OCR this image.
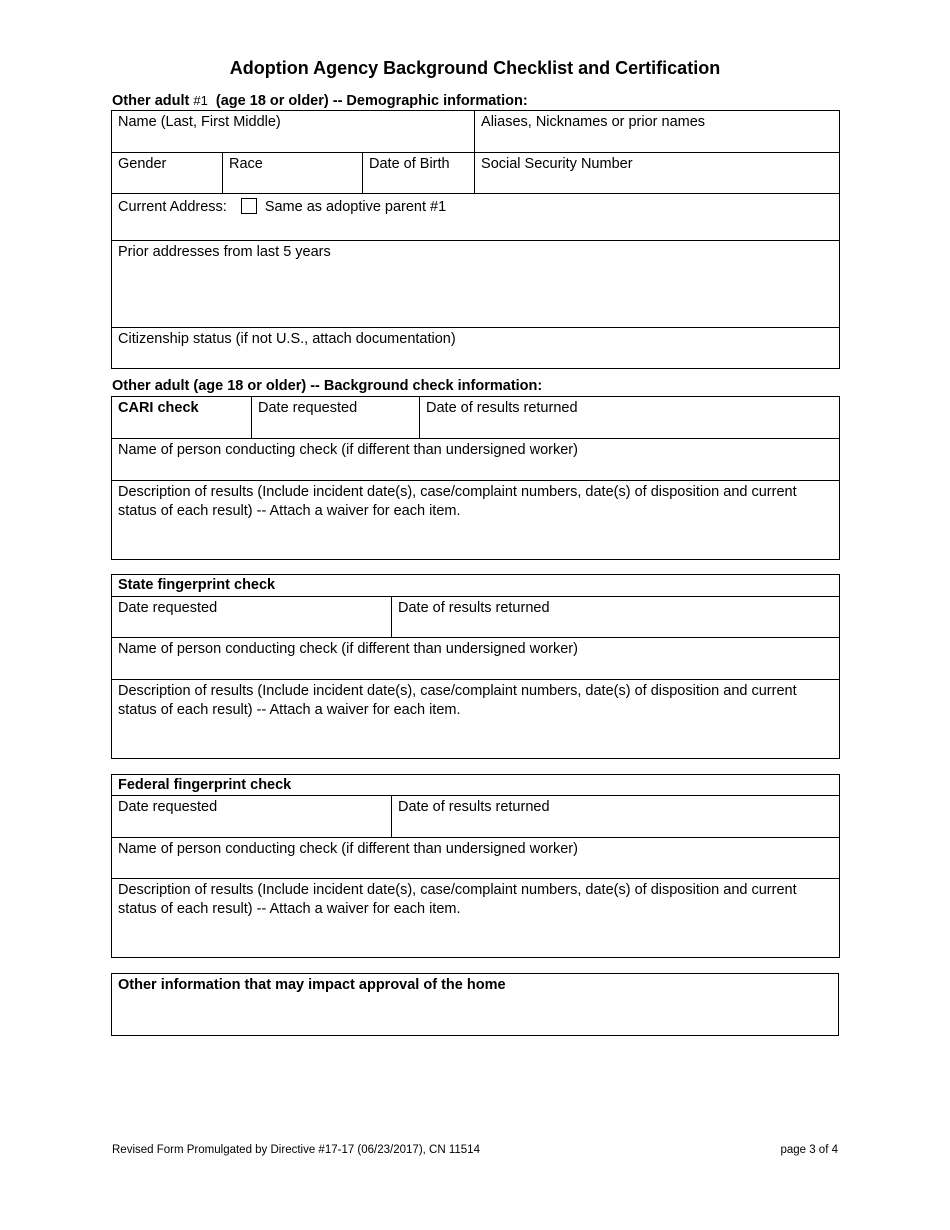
Adoption Agency Background Checklist and Certification
Other adult #1 (age 18 or older) -- Demographic information:
Name (Last, First Middle)			Aliases, Nicknames or prior names
Gender	Race	Date of Birth	Social Security Number
Current Address: Same as adoptive parent #1			
Prior addresses from last 5 years			
Citizenship status (if not U.S., attach documentation)			
Other adult (age 18 or older) -- Background check information:
CARI check	Date requested	Date of results returned
Name of person conducting check (if different than undersigned worker)
Description of results (Include incident date(s), case/complaint numbers, date(s) of disposition and current status of each result) -- Attach a waiver for each item.
State fingerprint check
Date requested	Date of results returned
Name of person conducting check (if different than undersigned worker)
Description of results (Include incident date(s), case/complaint numbers, date(s) of disposition and current status of each result) -- Attach a waiver for each item.
Federal fingerprint check
Date requested	Date of results returned
Name of person conducting check (if different than undersigned worker)
Description of results (Include incident date(s), case/complaint numbers, date(s) of disposition and current status of each result) -- Attach a waiver for each item.
Other information that may impact approval of the home
Revised Form Promulgated by Directive #17-17 (06/23/2017), CN 11514	page 3 of 4
